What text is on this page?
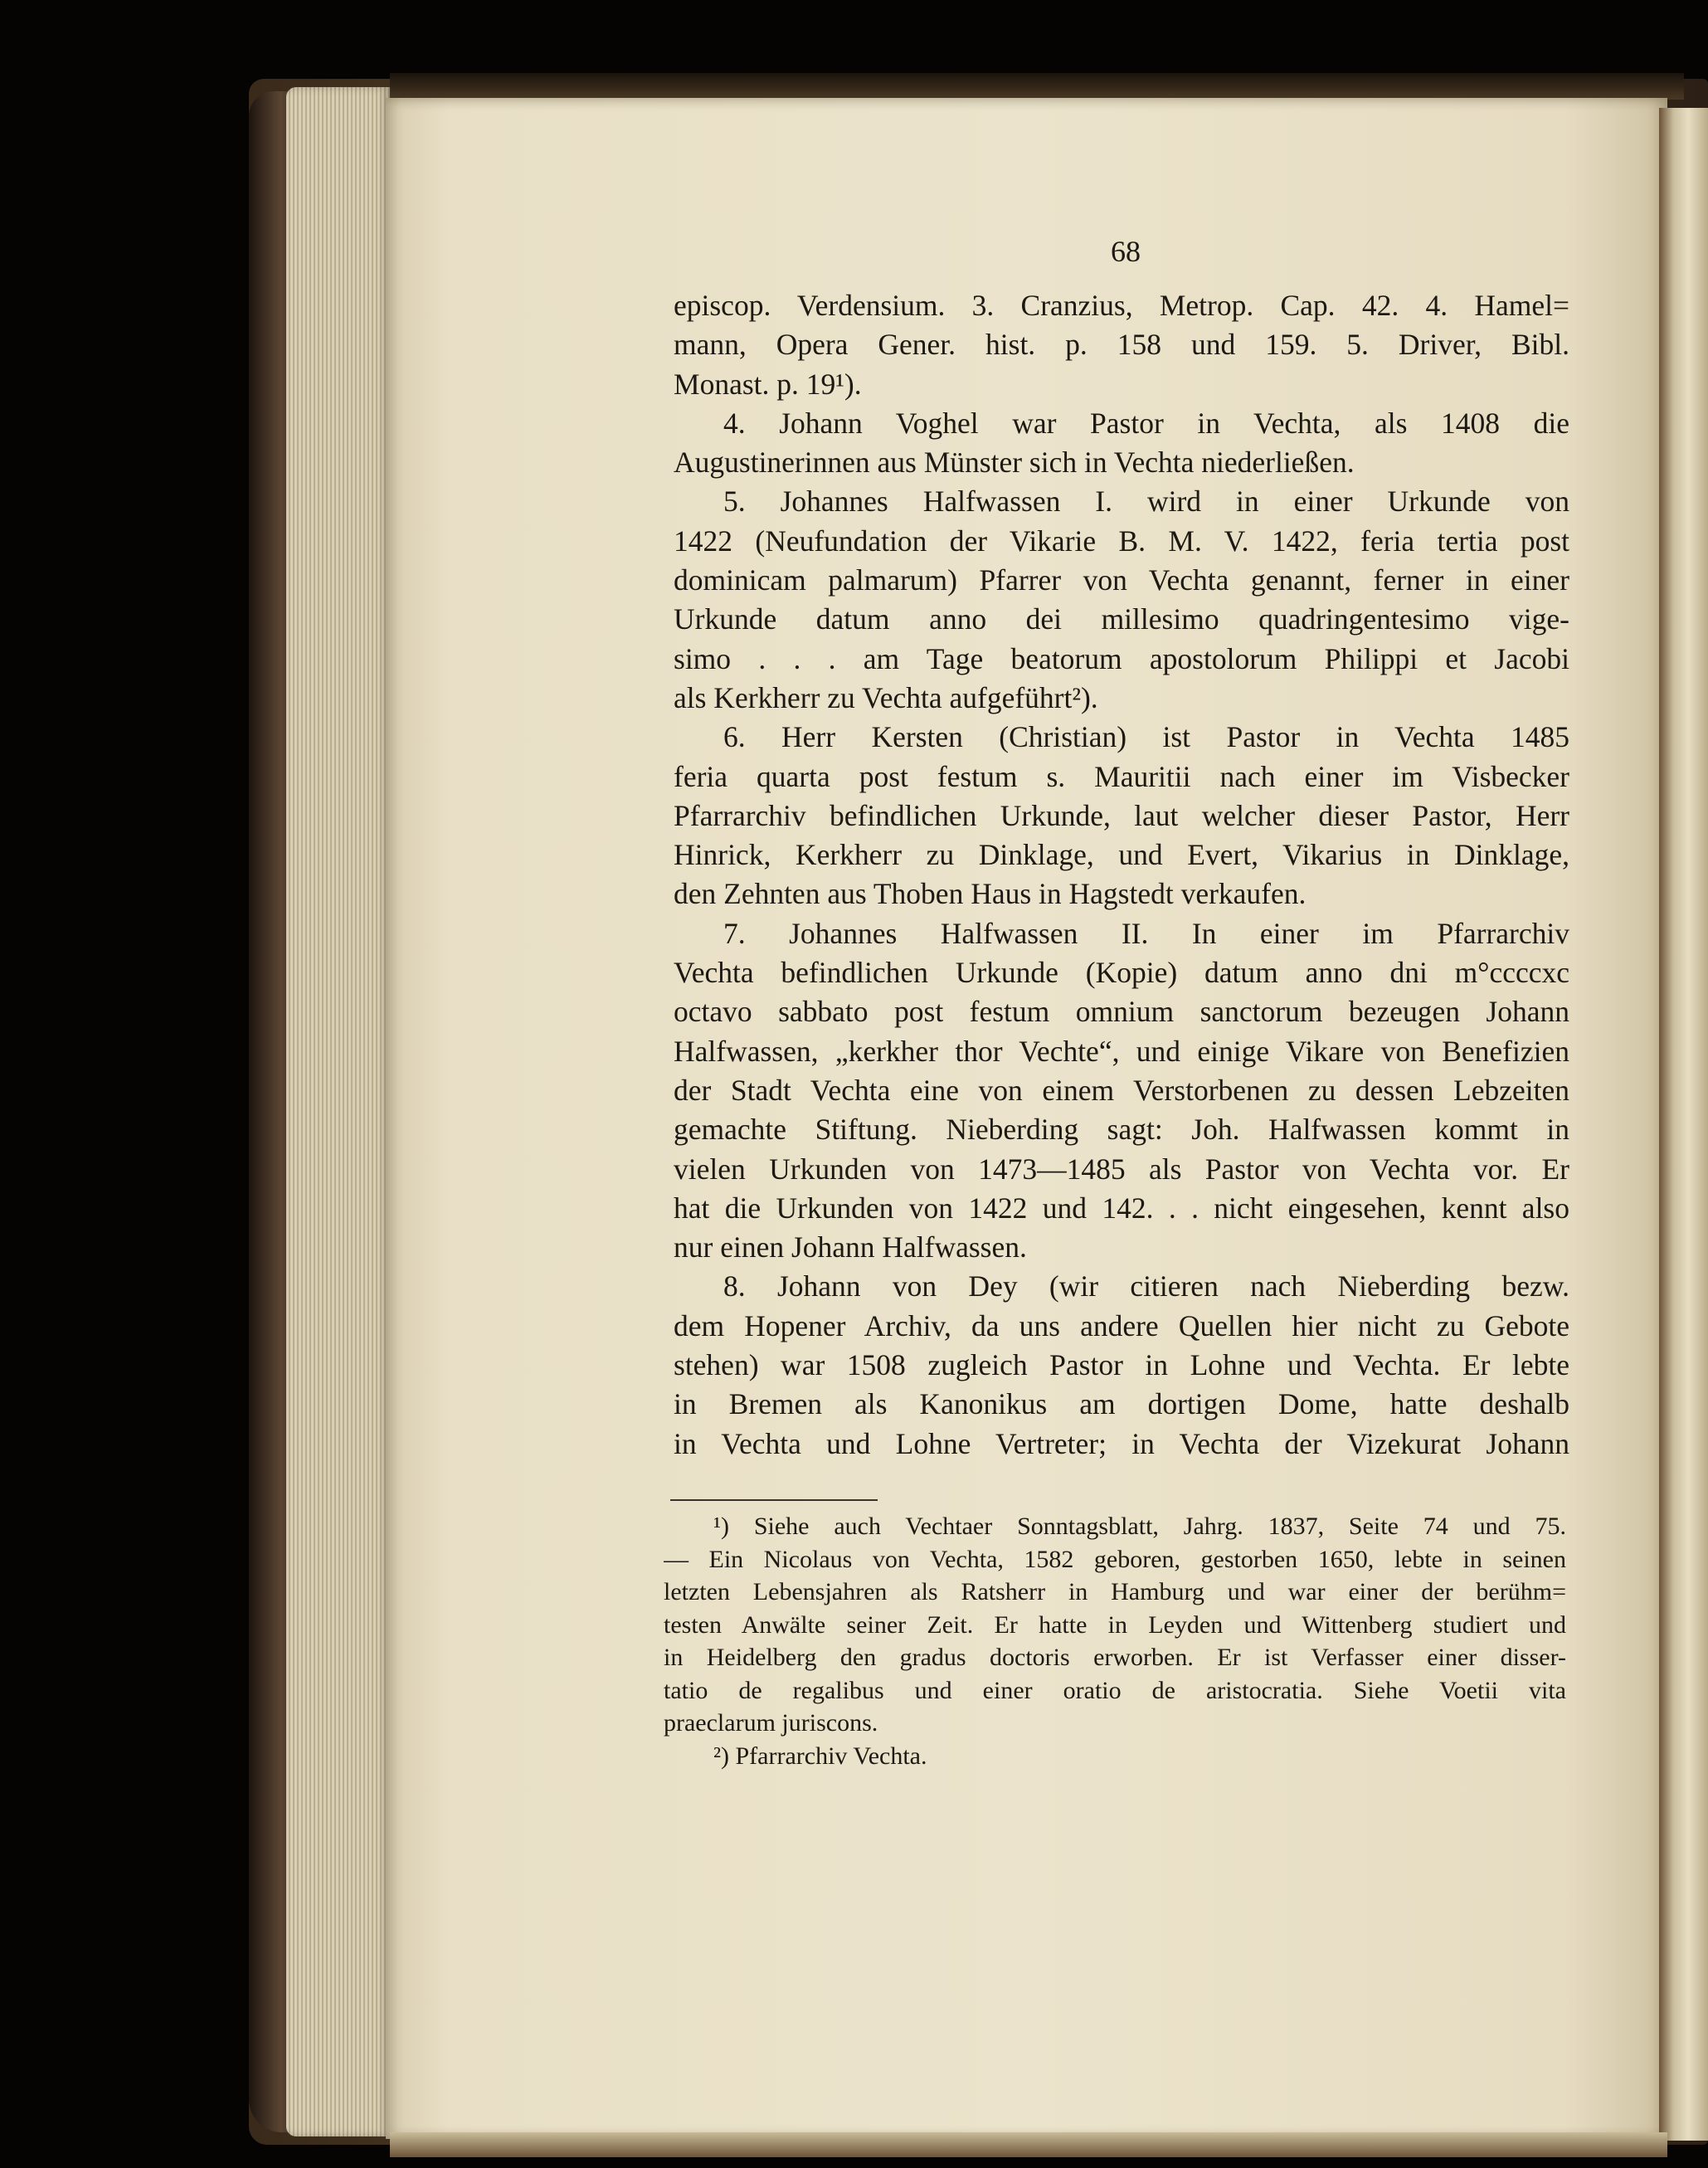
68
episcop. Verdensium. 3. Cranzius, Metrop. Cap. 42. 4. Hamel=
mann, Opera Gener. hist. p. 158 und 159. 5. Driver, Bibl.
Monast. p. 19¹).
4. Johann Voghel war Pastor in Vechta, als 1408 die
Augustinerinnen aus Münster sich in Vechta niederließen.
5. Johannes Halfwassen I. wird in einer Urkunde von
1422 (Neufundation der Vikarie B. M. V. 1422, feria tertia post
dominicam palmarum) Pfarrer von Vechta genannt, ferner in einer
Urkunde datum anno dei millesimo quadringentesimo vige-
simo . . . am Tage beatorum apostolorum Philippi et Jacobi
als Kerkherr zu Vechta aufgeführt²).
6. Herr Kersten (Christian) ist Pastor in Vechta 1485
feria quarta post festum s. Mauritii nach einer im Visbecker
Pfarrarchiv befindlichen Urkunde, laut welcher dieser Pastor, Herr
Hinrick, Kerkherr zu Dinklage, und Evert, Vikarius in Dinklage,
den Zehnten aus Thoben Haus in Hagstedt verkaufen.
7. Johannes Halfwassen II. In einer im Pfarrarchiv
Vechta befindlichen Urkunde (Kopie) datum anno dni m°ccccxc
octavo sabbato post festum omnium sanctorum bezeugen Johann
Halfwassen, „kerkher thor Vechte“, und einige Vikare von Benefizien
der Stadt Vechta eine von einem Verstorbenen zu dessen Lebzeiten
gemachte Stiftung. Nieberding sagt: Joh. Halfwassen kommt in
vielen Urkunden von 1473—1485 als Pastor von Vechta vor. Er
hat die Urkunden von 1422 und 142. . . nicht eingesehen, kennt also
nur einen Johann Halfwassen.
8. Johann von Dey (wir citieren nach Nieberding bezw.
dem Hopener Archiv, da uns andere Quellen hier nicht zu Gebote
stehen) war 1508 zugleich Pastor in Lohne und Vechta. Er lebte
in Bremen als Kanonikus am dortigen Dome, hatte deshalb
in Vechta und Lohne Vertreter; in Vechta der Vizekurat Johann
¹) Siehe auch Vechtaer Sonntagsblatt, Jahrg. 1837, Seite 74 und 75.
— Ein Nicolaus von Vechta, 1582 geboren, gestorben 1650, lebte in seinen
letzten Lebensjahren als Ratsherr in Hamburg und war einer der berühm=
testen Anwälte seiner Zeit. Er hatte in Leyden und Wittenberg studiert und
in Heidelberg den gradus doctoris erworben. Er ist Verfasser einer disser-
tatio de regalibus und einer oratio de aristocratia. Siehe Voetii vita
praeclarum juriscons.
²) Pfarrarchiv Vechta.
